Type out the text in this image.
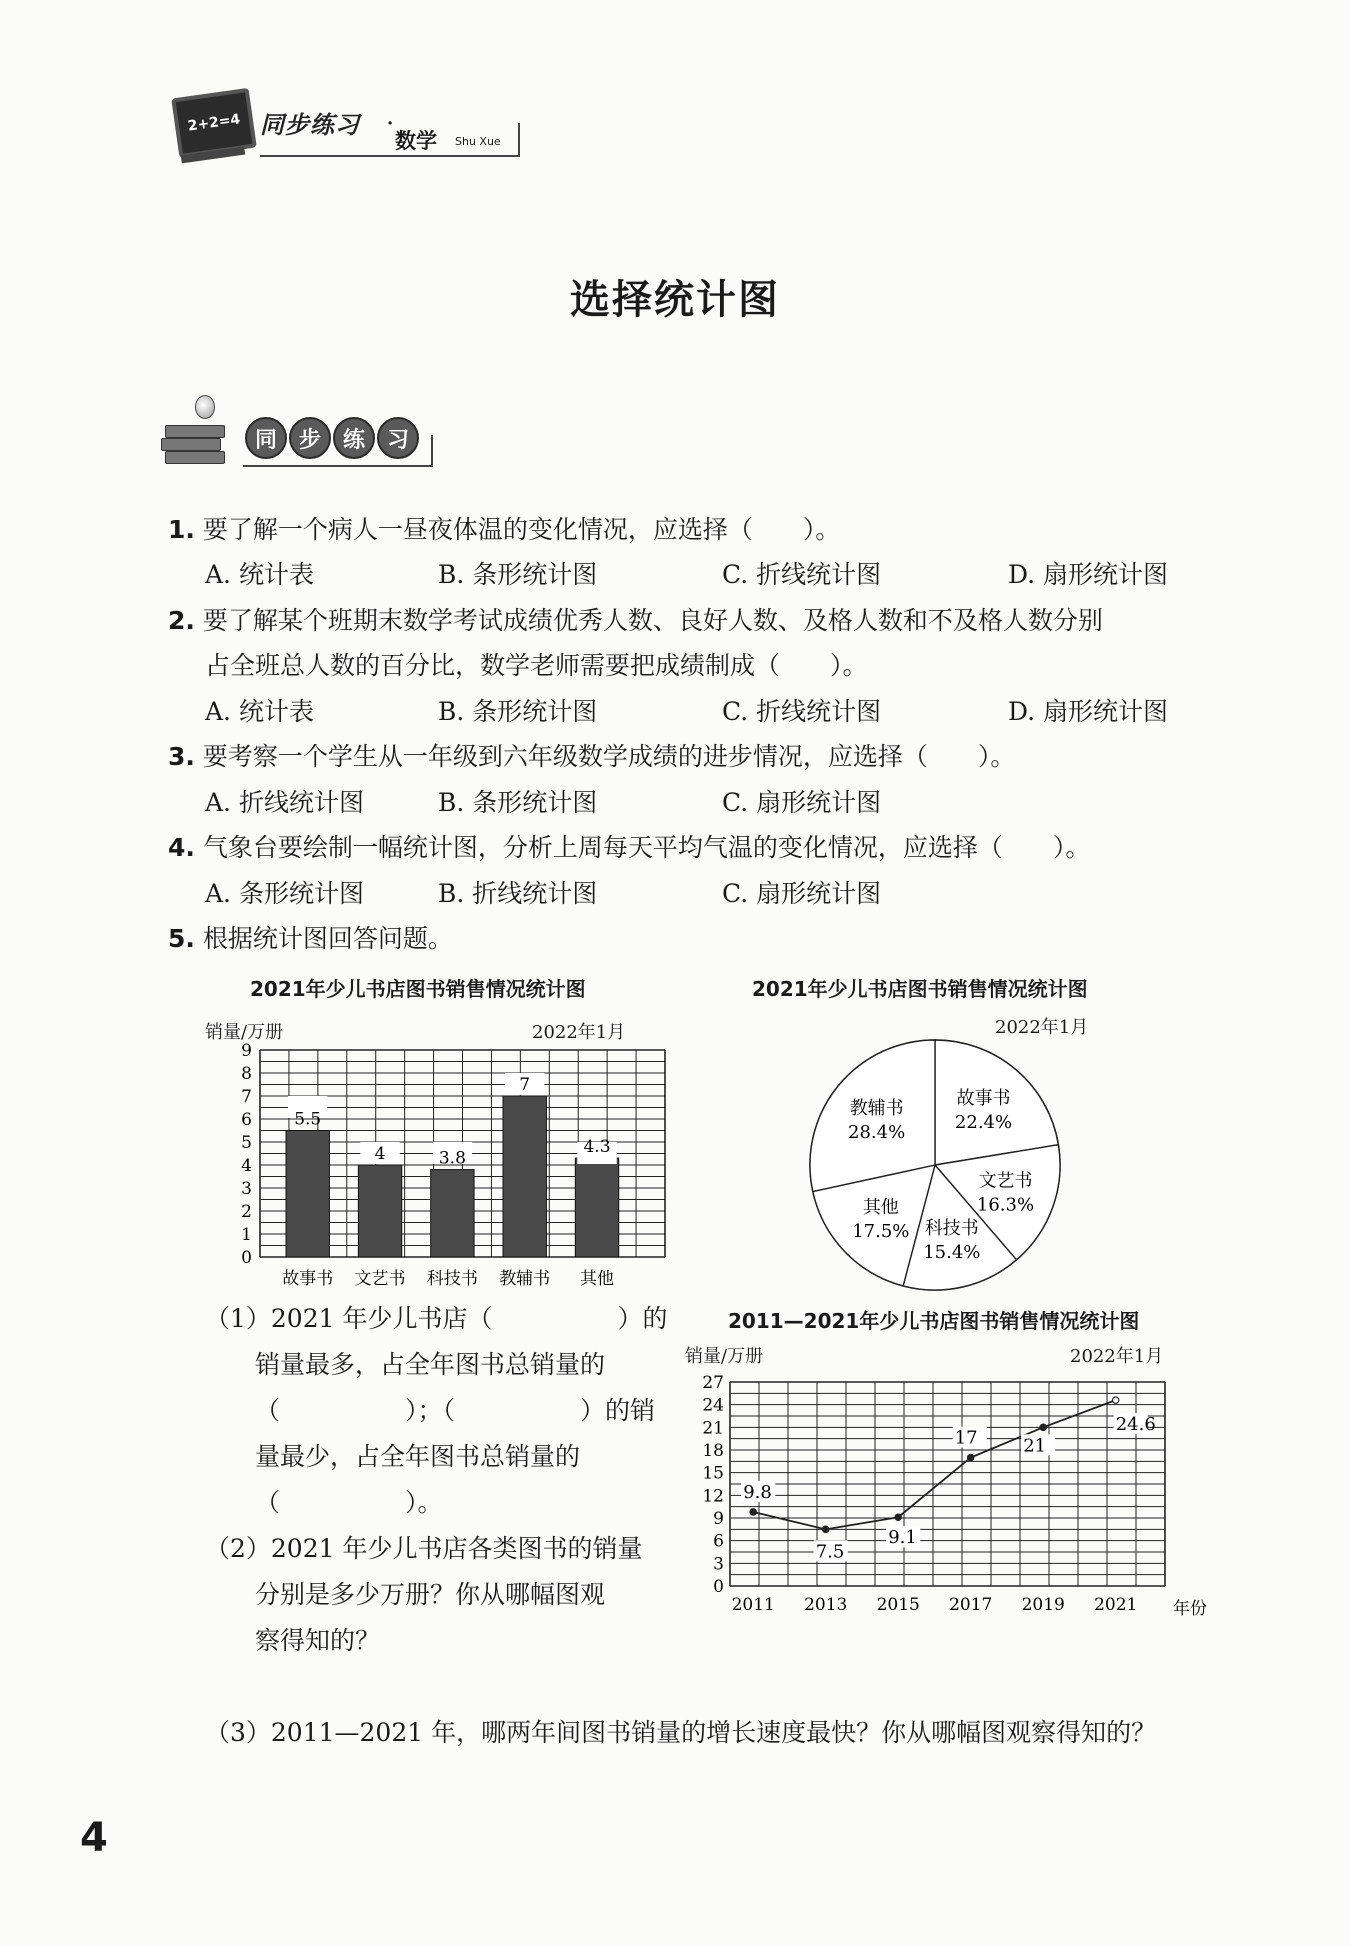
2+2=4 同步练习 ·
数学 Shu Xue
选择统计图
同 步 练 习
1. 要了解一个病人一昼夜体温的变化情况，应选择（　　）。
A. 统计表	B. 条形统计图	C. 折线统计图	D. 扇形统计图
2. 要了解某个班期末数学考试成绩优秀人数、良好人数、及格人数和不及格人数分别
占全班总人数的百分比，数学老师需要把成绩制成（　　）。
A. 统计表	B. 条形统计图	C. 折线统计图	D. 扇形统计图
3. 要考察一个学生从一年级到六年级数学成绩的进步情况，应选择（　　）。
A. 折线统计图	B. 条形统计图	C. 扇形统计图
4. 气象台要绘制一幅统计图，分析上周每天平均气温的变化情况，应选择（　　）。
A. 条形统计图	B. 折线统计图	C. 扇形统计图
5. 根据统计图回答问题。
2021年少儿书店图书销售情况统计图
销量/万册	2022年1月
0
1
2
3
4
5
6
7
8
9
5.5
故事书
4
文艺书
3.8
科技书
7
教辅书
4.3
其他
2021年少儿书店图书销售情况统计图
2022年1月
故事书
22.4%
文艺书
16.3%
科技书
15.4%
其他
17.5%
教辅书
28.4%
2011—2021年少儿书店图书销售情况统计图
销量/万册	2022年1月
0
3
6
9
12
15
18
21
24
27
9.8
2011
7.5
2013
9.1
2015
17
2017
21
2019
24.6
2021 年份
（1）2021 年少儿书店（　　　　　）的
销量最多，占全年图书总销量的
（　　　　　）；（　　　　　）的销
量最少，占全年图书总销量的
（　　　　　）。
（2）2021 年少儿书店各类图书的销量
分别是多少万册？你从哪幅图观
察得知的？
（3）2011—2021 年，哪两年间图书销量的增长速度最快？你从哪幅图观察得知的？
4
